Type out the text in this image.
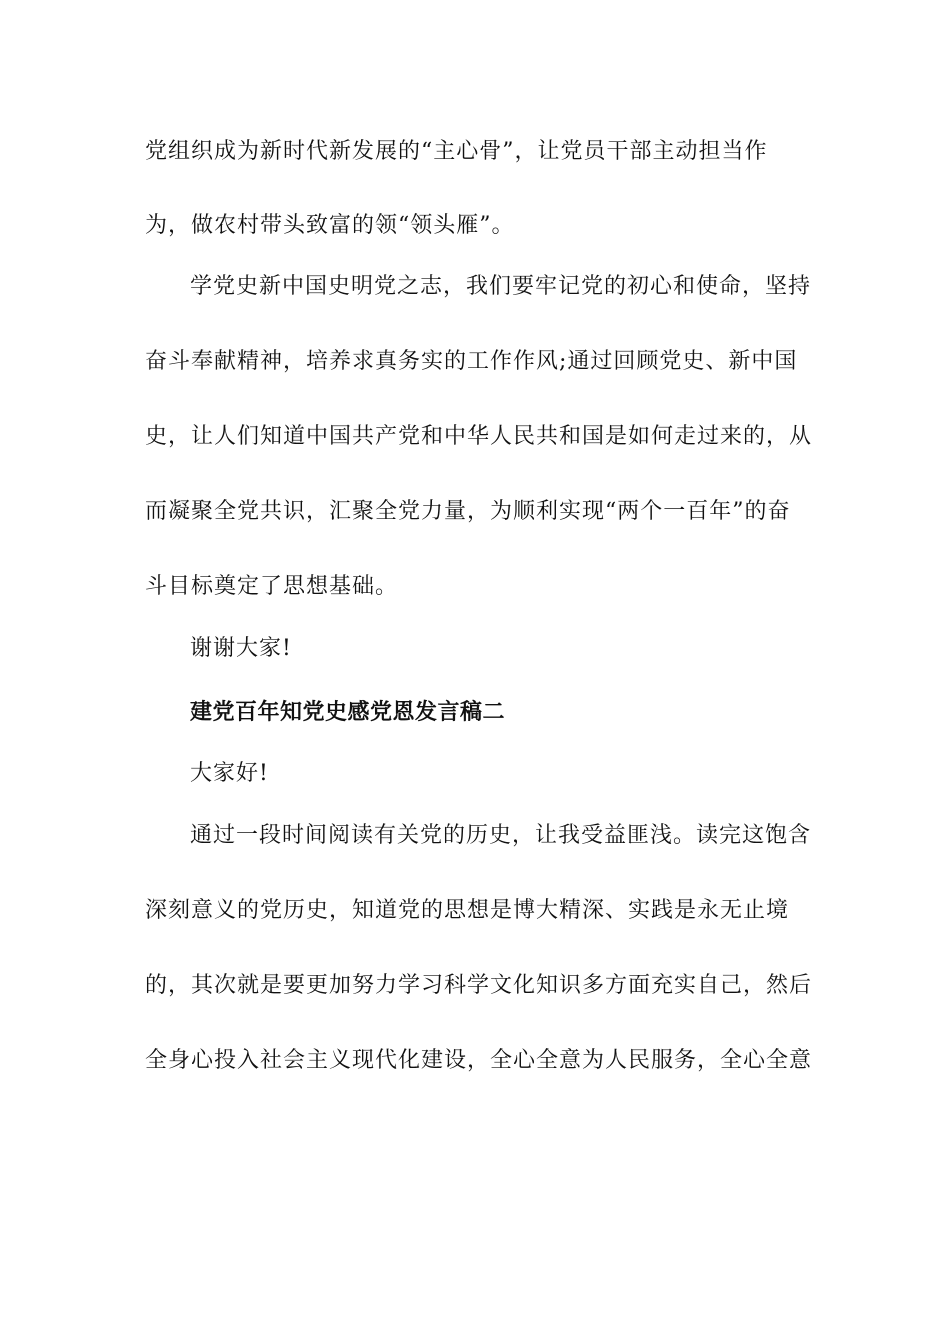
党组织成为新时代新发展的“主心骨”，让党员干部主动担当作
为，做农村带头致富的领“领头雁”。
学党史新中国史明党之志，我们要牢记党的初心和使命，坚持
奋斗奉献精神，培养求真务实的工作作风;通过回顾党史、新中国
史，让人们知道中国共产党和中华人民共和国是如何走过来的，从
而凝聚全党共识，汇聚全党力量，为顺利实现“两个一百年”的奋
斗目标奠定了思想基础。
谢谢大家!
建党百年知党史感党恩发言稿二
大家好!
通过一段时间阅读有关党的历史，让我受益匪浅。读完这饱含
深刻意义的党历史，知道党的思想是博大精深、实践是永无止境
的，其次就是要更加努力学习科学文化知识多方面充实自己，然后
全身心投入社会主义现代化建设，全心全意为人民服务，全心全意
